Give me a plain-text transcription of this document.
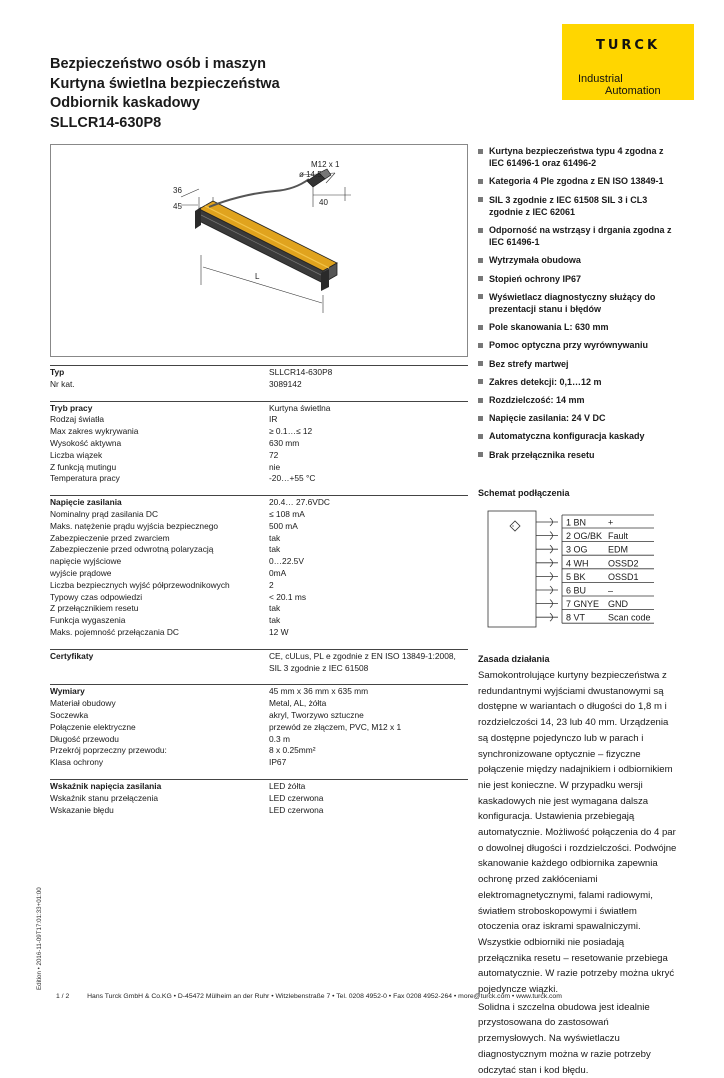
Bezpieczeństwo osób i maszyn
Kurtyna świetlna bezpieczeństwa
Odbiornik kaskadowy
SLLCR14-630P8
TURCK
Industrial
Automation
M12 x 1
ø 14.5
40
36
45
L
Typ	SLLCR14-630P8
Nr kat.	3089142
Tryb pracy	Kurtyna świetlna
Rodzaj światła	IR
Max zakres wykrywania	≥ 0.1…≤ 12
Wysokość aktywna	630 mm
Liczba wiązek	72
Z funkcją mutingu	nie
Temperatura pracy	-20…+55 °C
Napięcie zasilania	20.4… 27.6VDC
Nominalny prąd zasilania DC	≤ 108 mA
Maks. natężenie prądu wyjścia bezpiecznego	500 mA
Zabezpieczenie przed zwarciem	tak
Zabezpieczenie przed odwrotną polaryzacją	tak
napięcie wyjściowe	0…22.5V
wyjście prądowe	0mA
Liczba bezpiecznych wyjść półprzewodnikowych	2
Typowy czas odpowiedzi	< 20.1 ms
Z przełącznikiem resetu	tak
Funkcja wygaszenia	tak
Maks. pojemność przełączania DC	12 W
Certyfikaty	CE, cULus, PL e zgodnie z EN ISO 13849-1:2008, SIL 3 zgodnie z IEC 61508
Wymiary	45 mm x 36 mm x 635 mm
Materiał obudowy	Metal, AL, żółta
Soczewka	akryl, Tworzywo sztuczne
Połączenie elektryczne	przewód ze złączem, PVC, M12 x 1
Długość przewodu	0.3 m
Przekrój poprzeczny przewodu:	8 x 0.25mm²
Klasa ochrony	IP67
Wskaźnik napięcia zasilania	LED żółta
Wskaźnik stanu przełączenia	LED czerwona
Wskazanie błędu	LED czerwona
Kurtyna bezpieczeństwa typu 4 zgodna z IEC 61496-1 oraz 61496-2
Kategoria 4 Ple zgodna z EN ISO 13849-1
SIL 3 zgodnie z IEC 61508 SIL 3 i CL3 zgodnie z IEC 62061
Odporność na wstrząsy i drgania zgodna z IEC 61496-1
Wytrzymała obudowa
Stopień ochrony IP67
Wyświetlacz diagnostyczny służący do prezentacji stanu i błędów
Pole skanowania L: 630 mm
Pomoc optyczna przy wyrównywaniu
Bez strefy martwej
Zakres detekcji: 0,1…12 m
Rozdzielczość: 14 mm
Napięcie zasilania: 24 V DC
Automatyczna konfiguracja kaskady
Brak przełącznika resetu
Schemat podłączenia
1 BN +
2 OG/BK Fault
3 OG EDM
4 WH OSSD2
5 BK OSSD1
6 BU –
7 GNYE GND
8 VT	Scan code
Zasada działania

Samokontrolujące kurtyny bezpieczeństwa z redundantnymi wyjściami dwustanowymi są dostępne w wariantach o długości do 1,8 m i rozdzielczości 14, 23 lub 40 mm. Urządzenia są dostępne pojedynczo lub w parach i synchronizowane optycznie – fizyczne połączenie między nadajnikiem i odbiornikiem nie jest konieczne. W przypadku wersji kaskadowych nie jest wymagana dalsza konfiguracja. Ustawienia przebiegają automatycznie. Możliwość połączenia do 4 par o dowolnej długości i rozdzielczości. Podwójne skanowanie każdego odbiornika zapewnia ochronę przed zakłóceniami elektromagnetycznymi, falami radiowymi, światłem stroboskopowymi i światłem otoczenia oraz iskrami spawalniczymi. Wszystkie odbiorniki nie posiadają przełącznika resetu – resetowanie przebiega automatycznie. W razie potrzeby można ukryć pojedyncze wiązki.

Solidna i szczelna obudowa jest idealnie przystosowana do zastosowań przemysłowych. Na wyświetlaczu diagnostycznym można w razie potrzeby odczytać stan i kod błędu.

Edition • 2016-11-09T17:01:33+01:00
1 / 2	Hans Turck GmbH & Co.KG • D-45472 Mülheim an der Ruhr • Witzlebenstraße 7 • Tel. 0208 4952-0 • Fax 0208 4952-264 • more@turck.com • www.turck.com
